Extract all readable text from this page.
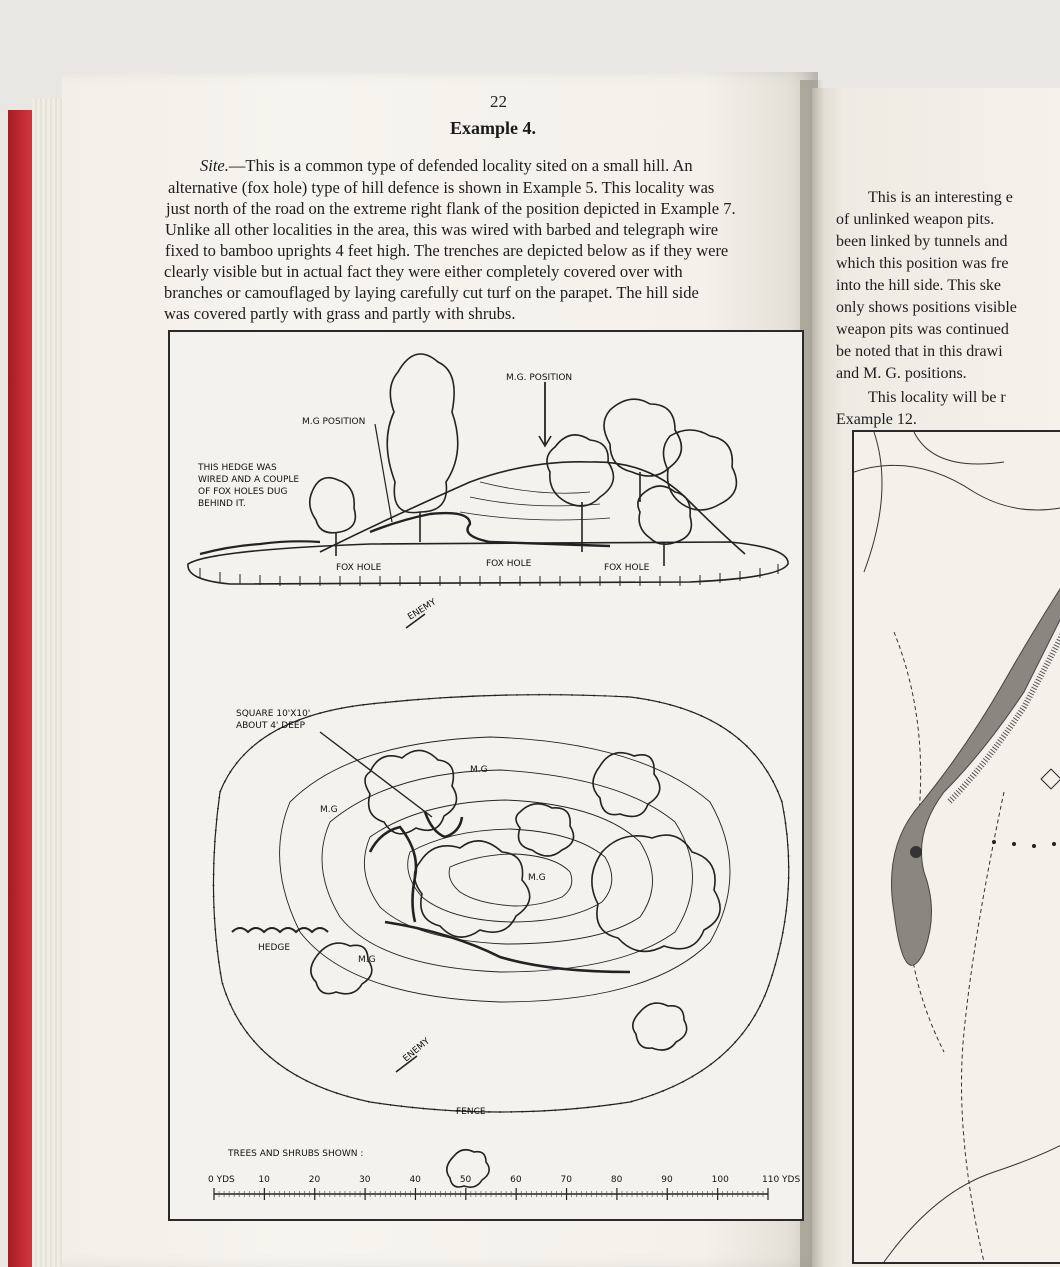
22
Example 4.
Site.—This is a common type of defended locality sited on a small hill. An
alternative (fox hole) type of hill defence is shown in Example 5. This locality was
just north of the road on the extreme right flank of the position depicted in Example 7.
Unlike all other localities in the area, this was wired with barbed and telegraph wire
fixed to bamboo uprights 4 feet high. The trenches are depicted below as if they were
clearly visible but in actual fact they were either completely covered over with
branches or camouflaged by laying carefully cut turf on the parapet. The hill side
was covered partly with grass and partly with shrubs.
M.G. POSITION
M.G POSITION
THIS HEDGE WAS
WIRED AND A COUPLE
OF FOX HOLES DUG
BEHIND IT.
FOX HOLE	FOX HOLE	FOX HOLE
ENEMY
SQUARE 10'X10'
ABOUT 4' DEEP
M.G
M.G
M.G
M.G
HEDGE
ENEMY
FENCE
TREES AND SHRUBS SHOWN :
0 YDS	10	20	30	40	50	60	70	80	90	100	110 YDS
This is an interesting e
of unlinked weapon pits.
been linked by tunnels and
which this position was fre
into the hill side. This ske
only shows positions visible
weapon pits was continued
be noted that in this drawi
and M. G. positions.
This locality will be r
Example 12.
